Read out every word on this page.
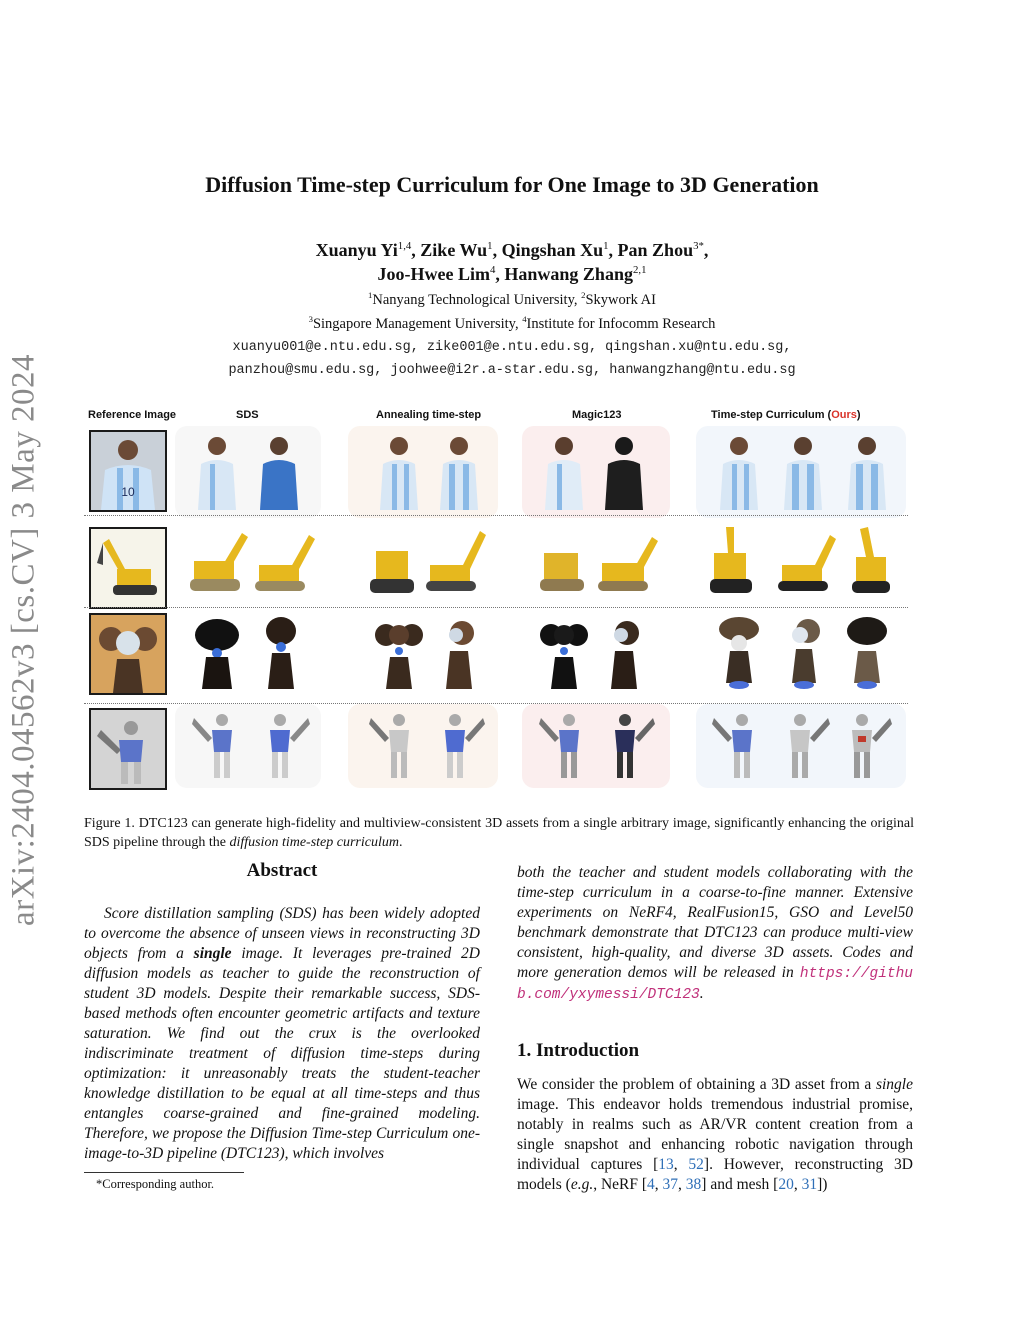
arXiv:2404.04562v3 [cs.CV] 3 May 2024
Diffusion Time-step Curriculum for One Image to 3D Generation
Xuanyu Yi$^{1,4}$, Zike Wu$^1$, Qingshan Xu$^1$, Pan Zhou$^{3*}$,
Joo-Hwee Lim$^4$, Hanwang Zhang$^{2,1}$
$^1$Nanyang Technological University, $^2$Skywork AI
$^3$Singapore Management University, $^4$Institute for Infocomm Research
xuanyu001@e.ntu.edu.sg, zike001@e.ntu.edu.sg, qingshan.xu@ntu.edu.sg,
panzhou@smu.edu.sg, joohwee@i2r.a-star.edu.sg, hanwangzhang@ntu.edu.sg
Reference Image	SDS	Annealing time-step	Magic123	Time-step Curriculum (Ours)
10
Figure 1. DTC123 can generate high-fidelity and multiview-consistent 3D assets from a single arbitrary image, significantly enhancing the original SDS pipeline through the diffusion time-step curriculum.
Abstract
Score distillation sampling (SDS) has been widely adopted to overcome the absence of unseen views in reconstructing 3D objects from a single image. It leverages pre-trained 2D diffusion models as teacher to guide the reconstruction of student 3D models. Despite their remarkable success, SDS-based methods often encounter geometric artifacts and texture saturation. We find out the crux is the overlooked indiscriminate treatment of diffusion time-steps during optimization: it unreasonably treats the student-teacher knowledge distillation to be equal at all time-steps and thus entangles coarse-grained and fine-grained modeling. Therefore, we propose the Diffusion Time-step Curriculum one-image-to-3D pipeline (DTC123), which involves
*Corresponding author.
both the teacher and student models collaborating with the time-step curriculum in a coarse-to-fine manner. Extensive experiments on NeRF4, RealFusion15, GSO and Level50 benchmark demonstrate that DTC123 can produce multi-view consistent, high-quality, and diverse 3D assets. Codes and more generation demos will be released in https://github.com/yxymessi/DTC123.
1. Introduction
We consider the problem of obtaining a 3D asset from a single image. This endeavor holds tremendous industrial promise, notably in realms such as AR/VR content creation from a single snapshot and enhancing robotic navigation through individual captures [13, 52]. However, reconstructing 3D models (e.g., NeRF [4, 37, 38] and mesh [20, 31])
